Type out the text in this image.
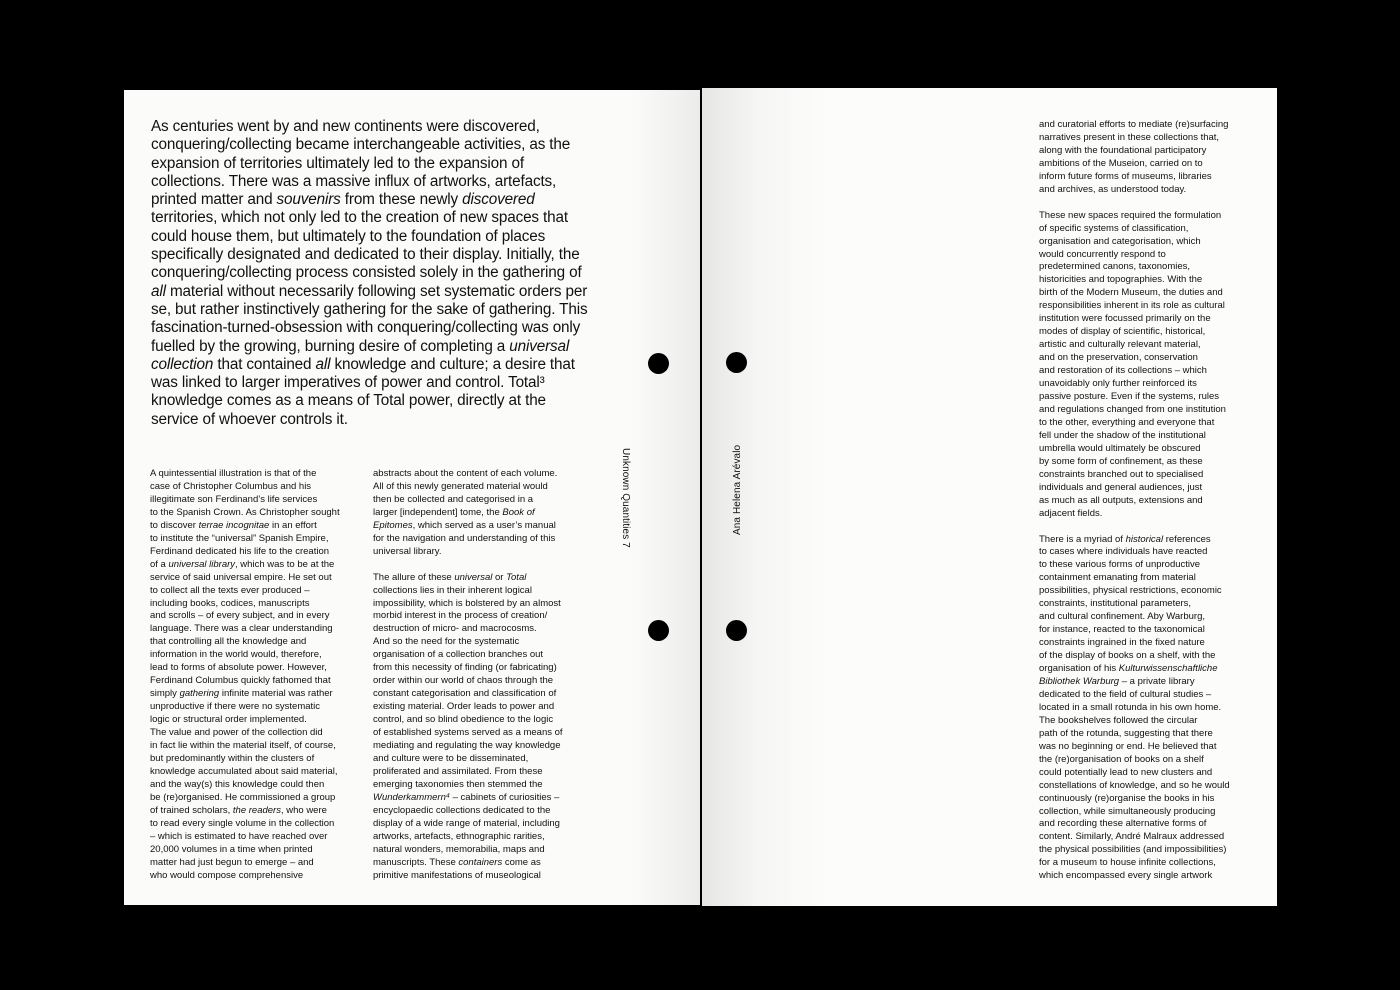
As centuries went by and new continents were discovered, conquering/collecting became interchangeable activities, as the expansion of territories ultimately led to the expansion of collections. There was a massive influx of artworks, artefacts, printed matter and souvenirs from these newly discovered territories, which not only led to the creation of new spaces that could house them, but ultimately to the foundation of places specifically designated and dedicated to their display. Initially, the conquering/collecting process consisted solely in the gathering of all material without necessarily following set systematic orders per se, but rather instinctively gathering for the sake of gathering. This fascination-turned-obsession with conquering/collecting was only fuelled by the growing, burning desire of completing a universal collection that contained all knowledge and culture; a desire that was linked to larger imperatives of power and control. Total³ knowledge comes as a means of Total power, directly at the service of whoever controls it.

A quintessential illustration is that of the
case of Christopher Columbus and his
illegitimate son Ferdinand’s life services
to the Spanish Crown. As Christopher sought
to discover terrae incognitae in an effort
to institute the “universal” Spanish Empire,
Ferdinand dedicated his life to the creation
of a universal library, which was to be at the
service of said universal empire. He set out
to collect all the texts ever produced –
including books, codices, manuscripts
and scrolls – of every subject, and in every
language. There was a clear understanding
that controlling all the knowledge and
information in the world would, therefore,
lead to forms of absolute power. However,
Ferdinand Columbus quickly fathomed that
simply gathering infinite material was rather
unproductive if there were no systematic
logic or structural order implemented.
The value and power of the collection did
in fact lie within the material itself, of course,
but predominantly within the clusters of
knowledge accumulated about said material,
and the way(s) this knowledge could then
be (re)organised. He commissioned a group
of trained scholars, the readers, who were
to read every single volume in the collection
– which is estimated to have reached over
20,000 volumes in a time when printed
matter had just begun to emerge – and
who would compose comprehensive

abstracts about the content of each volume.
All of this newly generated material would
then be collected and categorised in a
larger [independent] tome, the Book of
Epitomes, which served as a user’s manual
for the navigation and understanding of this
universal library.

The allure of these universal or Total
collections lies in their inherent logical
impossibility, which is bolstered by an almost
morbid interest in the process of creation/
destruction of micro- and macrocosms.
And so the need for the systematic
organisation of a collection branches out
from this necessity of finding (or fabricating)
order within our world of chaos through the
constant categorisation and classification of
existing material. Order leads to power and
control, and so blind obedience to the logic
of established systems served as a means of
mediating and regulating the way knowledge
and culture were to be disseminated,
proliferated and assimilated. From these
emerging taxonomies then stemmed the
Wunderkammern⁴ – cabinets of curiosities –
encyclopaedic collections dedicated to the
display of a wide range of material, including
artworks, artefacts, ethnographic rarities,
natural wonders, memorabilia, maps and
manuscripts. These containers come as
primitive manifestations of museological

Unknown Quantities 7	Ana Helena Arévalo

and curatorial efforts to mediate (re)surfacing
narratives present in these collections that,
along with the foundational participatory
ambitions of the Museion, carried on to
inform future forms of museums, libraries
and archives, as understood today.

These new spaces required the formulation
of specific systems of classification,
organisation and categorisation, which
would concurrently respond to
predetermined canons, taxonomies,
historicities and topographies. With the
birth of the Modern Museum, the duties and
responsibilities inherent in its role as cultural
institution were focussed primarily on the
modes of display of scientific, historical,
artistic and culturally relevant material,
and on the preservation, conservation
and restoration of its collections – which
unavoidably only further reinforced its
passive posture. Even if the systems, rules
and regulations changed from one institution
to the other, everything and everyone that
fell under the shadow of the institutional
umbrella would ultimately be obscured
by some form of confinement, as these
constraints branched out to specialised
individuals and general audiences, just
as much as all outputs, extensions and
adjacent fields.

There is a myriad of historical references
to cases where individuals have reacted
to these various forms of unproductive
containment emanating from material
possibilities, physical restrictions, economic
constraints, institutional parameters,
and cultural confinement. Aby Warburg,
for instance, reacted to the taxonomical
constraints ingrained in the fixed nature
of the display of books on a shelf, with the
organisation of his Kulturwissenschaftliche
Bibliothek Warburg – a private library
dedicated to the field of cultural studies –
located in a small rotunda in his own home.
The bookshelves followed the circular
path of the rotunda, suggesting that there
was no beginning or end. He believed that
the (re)organisation of books on a shelf
could potentially lead to new clusters and
constellations of knowledge, and so he would
continuously (re)organise the books in his
collection, while simultaneously producing
and recording these alternative forms of
content. Similarly, André Malraux addressed
the physical possibilities (and impossibilities)
for a museum to house infinite collections,
which encompassed every single artwork
